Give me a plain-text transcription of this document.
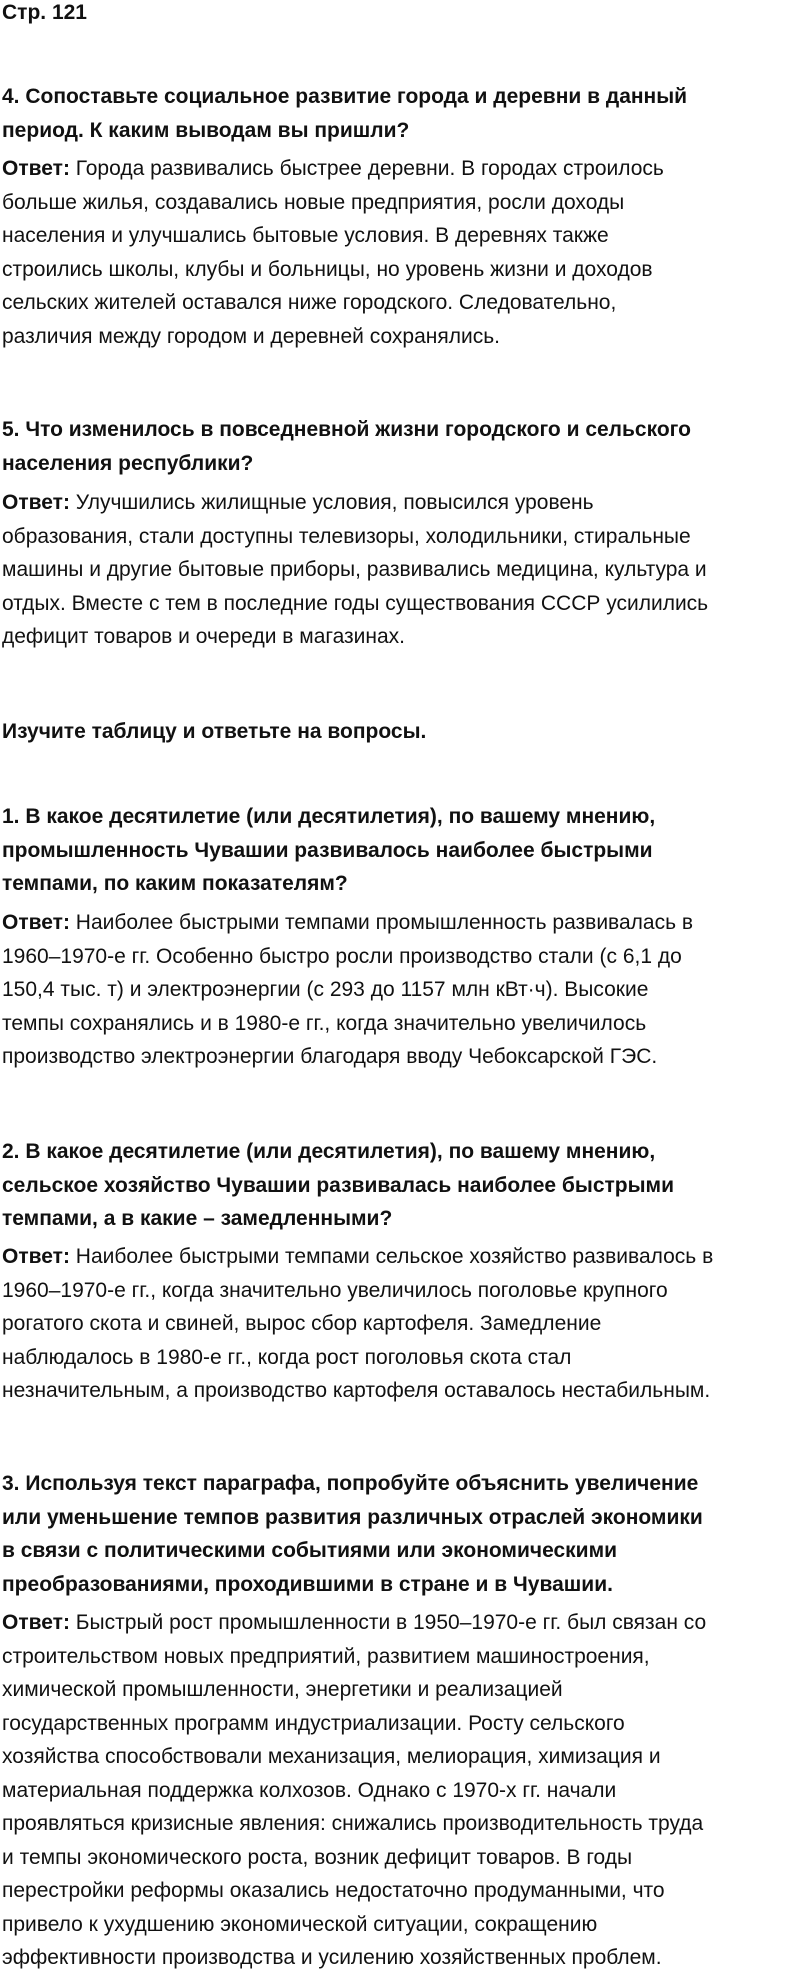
Стр. 121
4. Сопоставьте социальное развитие города и деревни в данный
период. К каким выводам вы пришли?
Ответ: Города развивались быстрее деревни. В городах строилось
больше жилья, создавались новые предприятия, росли доходы
населения и улучшались бытовые условия. В деревнях также
строились школы, клубы и больницы, но уровень жизни и доходов
сельских жителей оставался ниже городского. Следовательно,
различия между городом и деревней сохранялись.
5. Что изменилось в повседневной жизни городского и сельского
населения республики?
Ответ: Улучшились жилищные условия, повысился уровень
образования, стали доступны телевизоры, холодильники, стиральные
машины и другие бытовые приборы, развивались медицина, культура и
отдых. Вместе с тем в последние годы существования СССР усилились
дефицит товаров и очереди в магазинах.
Изучите таблицу и ответьте на вопросы.
1. В какое десятилетие (или десятилетия), по вашему мнению,
промышленность Чувашии развивалось наиболее быстрыми
темпами, по каким показателям?
Ответ: Наиболее быстрыми темпами промышленность развивалась в
1960–1970-е гг. Особенно быстро росли производство стали (с 6,1 до
150,4 тыс. т) и электроэнергии (с 293 до 1157 млн кВт·ч). Высокие
темпы сохранялись и в 1980-е гг., когда значительно увеличилось
производство электроэнергии благодаря вводу Чебоксарской ГЭС.
2. В какое десятилетие (или десятилетия), по вашему мнению,
сельское хозяйство Чувашии развивалась наиболее быстрыми
темпами, а в какие – замедленными?
Ответ: Наиболее быстрыми темпами сельское хозяйство развивалось в
1960–1970-е гг., когда значительно увеличилось поголовье крупного
рогатого скота и свиней, вырос сбор картофеля. Замедление
наблюдалось в 1980-е гг., когда рост поголовья скота стал
незначительным, а производство картофеля оставалось нестабильным.
3. Используя текст параграфа, попробуйте объяснить увеличение
или уменьшение темпов развития различных отраслей экономики
в связи с политическими событиями или экономическими
преобразованиями, проходившими в стране и в Чувашии.
Ответ: Быстрый рост промышленности в 1950–1970-е гг. был связан со
строительством новых предприятий, развитием машиностроения,
химической промышленности, энергетики и реализацией
государственных программ индустриализации. Росту сельского
хозяйства способствовали механизация, мелиорация, химизация и
материальная поддержка колхозов. Однако с 1970-х гг. начали
проявляться кризисные явления: снижались производительность труда
и темпы экономического роста, возник дефицит товаров. В годы
перестройки реформы оказались недостаточно продуманными, что
привело к ухудшению экономической ситуации, сокращению
эффективности производства и усилению хозяйственных проблем.
